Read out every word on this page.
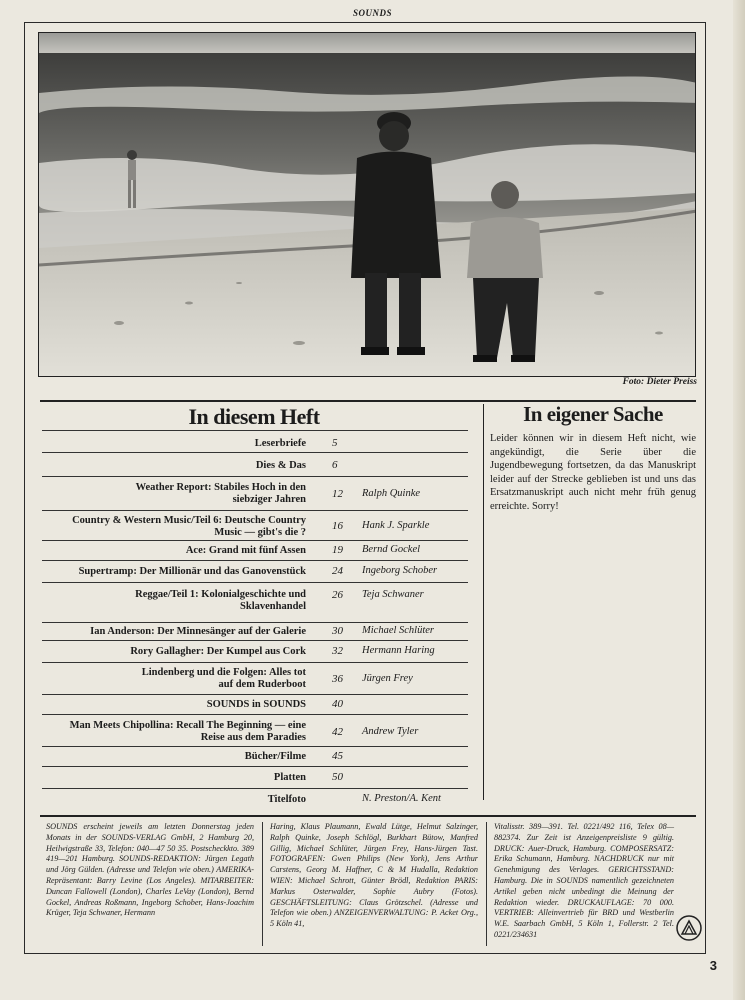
SOUNDS
Foto: Dieter Preiss
In diesem Heft
Leserbriefe 5
Dies & Das 6
Weather Report: Stabiles Hoch in den siebziger Jahren 12 Ralph Quinke
Country & Western Music/Teil 6: Deutsche Country Music — gibt's die ?
16 Hank J. Sparkle
Ace: Grand mit fünf Assen 19 Bernd Gockel
Supertramp: Der Millionär und das Ganovenstück 24 Ingeborg Schober
Reggae/Teil 1: Kolonialgeschichte und Sklavenhandel
26 Teja Schwaner
Ian Anderson: Der Minnesänger auf der Galerie 30 Michael Schlüter
Rory Gallagher: Der Kumpel aus Cork 32 Hermann Haring
Lindenberg und die Folgen: Alles tot auf dem Ruderboot 36 Jürgen Frey
SOUNDS in SOUNDS 40
Man Meets Chipollina: Recall The Beginning — eine Reise aus dem Paradies 42 Andrew Tyler
Bücher/Filme 45
Platten 50
Titelfoto	N. Preston/A. Kent
In eigener Sache
Leider können wir in diesem Heft nicht, wie angekündigt, die Serie über die Jugendbewegung fortsetzen, da das Manuskript leider auf der Strecke geblieben ist und uns das Ersatzmanuskript auch nicht mehr früh genug erreichte. Sorry!
SOUNDS erscheint jeweils am letzten Donnerstag jeden Monats in der SOUNDS-VERLAG GmbH, 2 Hamburg 20, Heilwigstraße 33, Telefon: 040—47 50 35. Postscheckkto. 389 419—201 Hamburg. SOUNDS-REDAKTION: Jürgen Legath und Jörg Gülden. (Adresse und Telefon wie oben.) AMERIKA-Repräsentant: Barry Levine (Los Angeles). MITARBEITER: Duncan Fallowell (London), Charles LeVay (London), Bernd Gockel, Andreas Roßmann, Ingeborg Schober, Hans-Joachim Krüger, Teja Schwaner, Hermann
Haring, Klaus Plaumann, Ewald Lütge, Helmut Salzinger, Ralph Quinke, Joseph Schlögl, Burkhart Bütow, Manfred Gillig, Michael Schlüter, Jürgen Frey, Hans-Jürgen Tast. FOTOGRAFEN: Gwen Philips (New York), Jens Arthur Carstens, Georg M. Haffner, C & M Hudalla, Redaktion WIEN: Michael Schrott, Günter Brödl, Redaktion PARIS: Markus Osterwalder, Sophie Aubry (Fotos). GESCHÄFTSLEITUNG: Claus Grötzschel. (Adresse und Telefon wie oben.) ANZEIGENVERWALTUNG: P. Acket Org., 5 Köln 41,
Vitalisstr. 389—391. Tel. 0221/492 116, Telex 08—882374. Zur Zeit ist Anzeigenpreisliste 9 gültig. DRUCK: Auer-Druck, Hamburg. COMPOSERSATZ: Erika Schumann, Hamburg. NACHDRUCK nur mit Genehmigung des Verlages. GERICHTSSTAND: Hamburg. Die in SOUNDS namentlich gezeichneten Artikel geben nicht unbedingt die Meinung der Redaktion wieder. DRUCKAUFLAGE: 70 000. VERTRIEB: Alleinvertrieb für BRD und Westberlin W.E. Saarbach GmbH, 5 Köln 1, Follerstr. 2 Tel. 0221/234631
3
